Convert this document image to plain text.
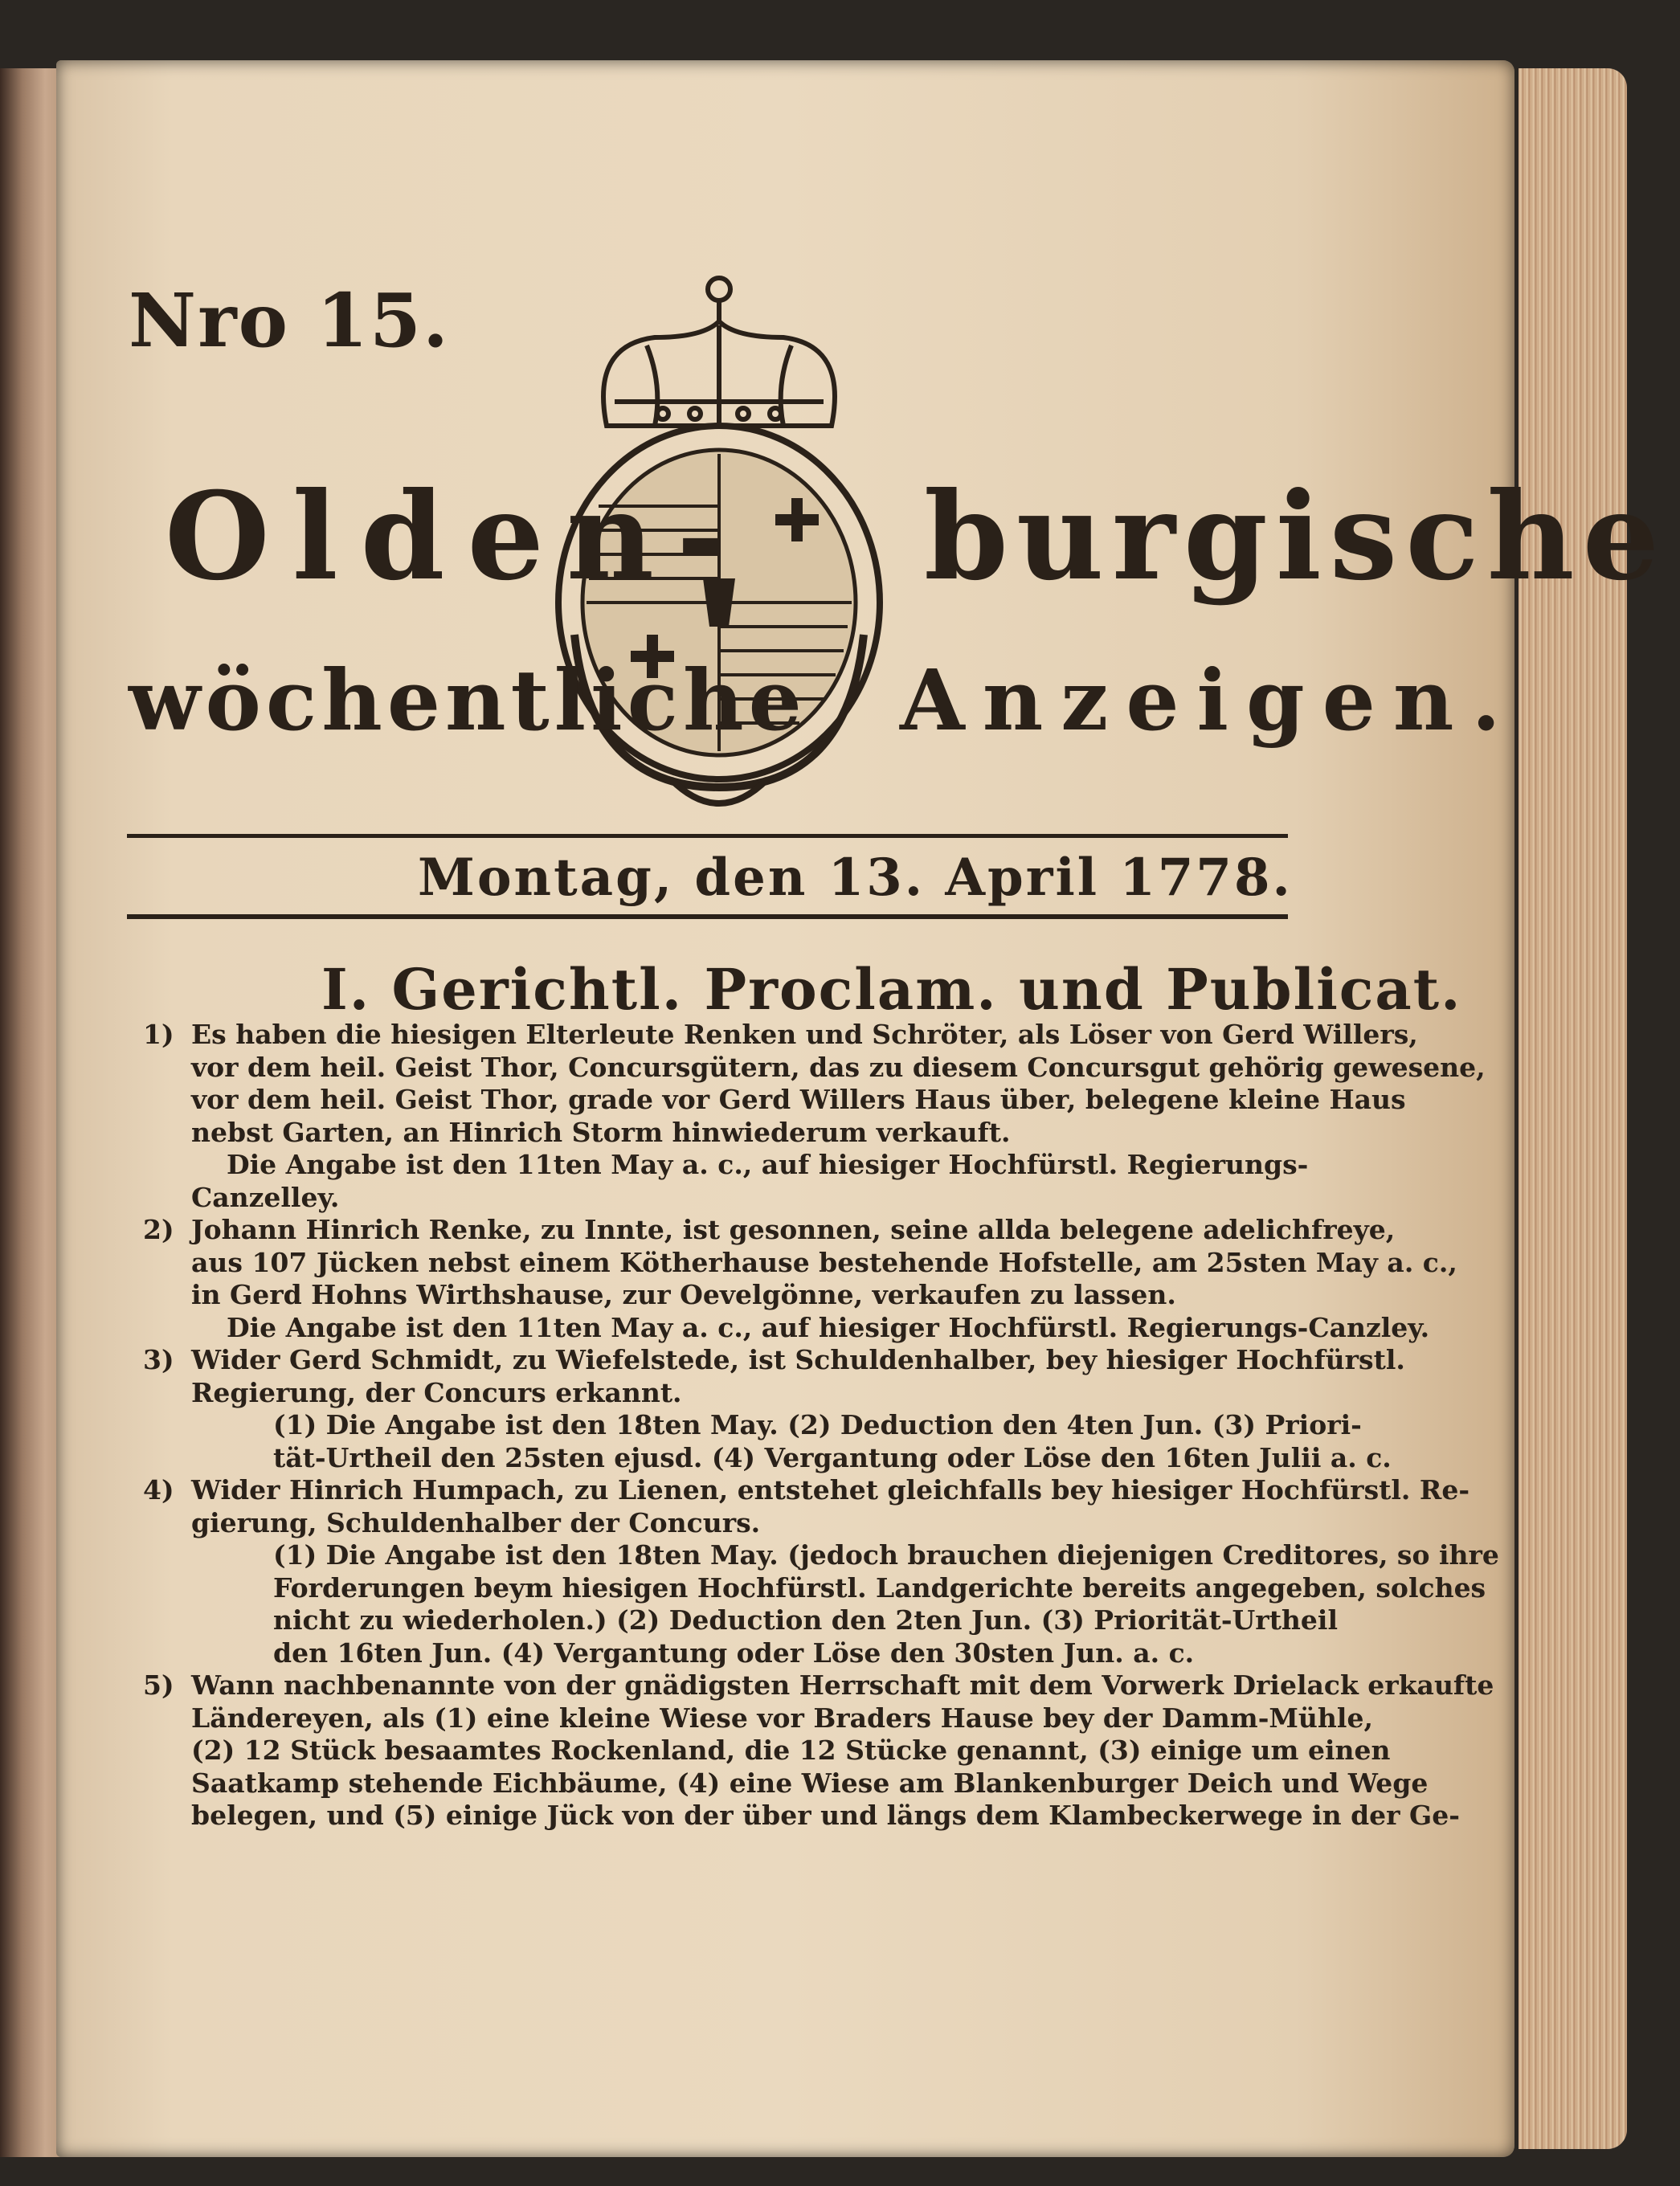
Nro 15.
Olden- burgische
wöchentliche Anzeigen.
Montag, den 13. April 1778.
I. Gerichtl. Proclam. und Publicat.
1) Es haben die hiesigen Elterleute Renken und Schröter, als Löser von Gerd Willers,
vor dem heil. Geist Thor, Concursgütern, das zu diesem Concursgut gehörig gewesene,
vor dem heil. Geist Thor, grade vor Gerd Willers Haus über, belegene kleine Haus
nebst Garten, an Hinrich Storm hinwiederum verkauft.
Die Angabe ist den 11ten May a. c., auf hiesiger Hochfürstl. Regierungs-
Canzelley.
2) Johann Hinrich Renke, zu Innte, ist gesonnen, seine allda belegene adelichfreye,
aus 107 Jücken nebst einem Kötherhause bestehende Hofstelle, am 25sten May a. c.,
in Gerd Hohns Wirthshause, zur Oevelgönne, verkaufen zu lassen.
Die Angabe ist den 11ten May a. c., auf hiesiger Hochfürstl. Regierungs-Canzley.
3) Wider Gerd Schmidt, zu Wiefelstede, ist Schuldenhalber, bey hiesiger Hochfürstl.
Regierung, der Concurs erkannt.
(1) Die Angabe ist den 18ten May. (2) Deduction den 4ten Jun. (3) Priori-
tät-Urtheil den 25sten ejusd. (4) Vergantung oder Löse den 16ten Julii a. c.
4) Wider Hinrich Humpach, zu Lienen, entstehet gleichfalls bey hiesiger Hochfürstl. Re-
gierung, Schuldenhalber der Concurs.
(1) Die Angabe ist den 18ten May. (jedoch brauchen diejenigen Creditores, so ihre
Forderungen beym hiesigen Hochfürstl. Landgerichte bereits angegeben, solches
nicht zu wiederholen.) (2) Deduction den 2ten Jun. (3) Priorität-Urtheil
den 16ten Jun. (4) Vergantung oder Löse den 30sten Jun. a. c.
5) Wann nachbenannte von der gnädigsten Herrschaft mit dem Vorwerk Drielack erkaufte
Ländereyen, als (1) eine kleine Wiese vor Braders Hause bey der Damm-Mühle,
(2) 12 Stück besaamtes Rockenland, die 12 Stücke genannt, (3) einige um einen
Saatkamp stehende Eichbäume, (4) eine Wiese am Blankenburger Deich und Wege
belegen, und (5) einige Jück von der über und längs dem Klambeckerwege in der Ge-
